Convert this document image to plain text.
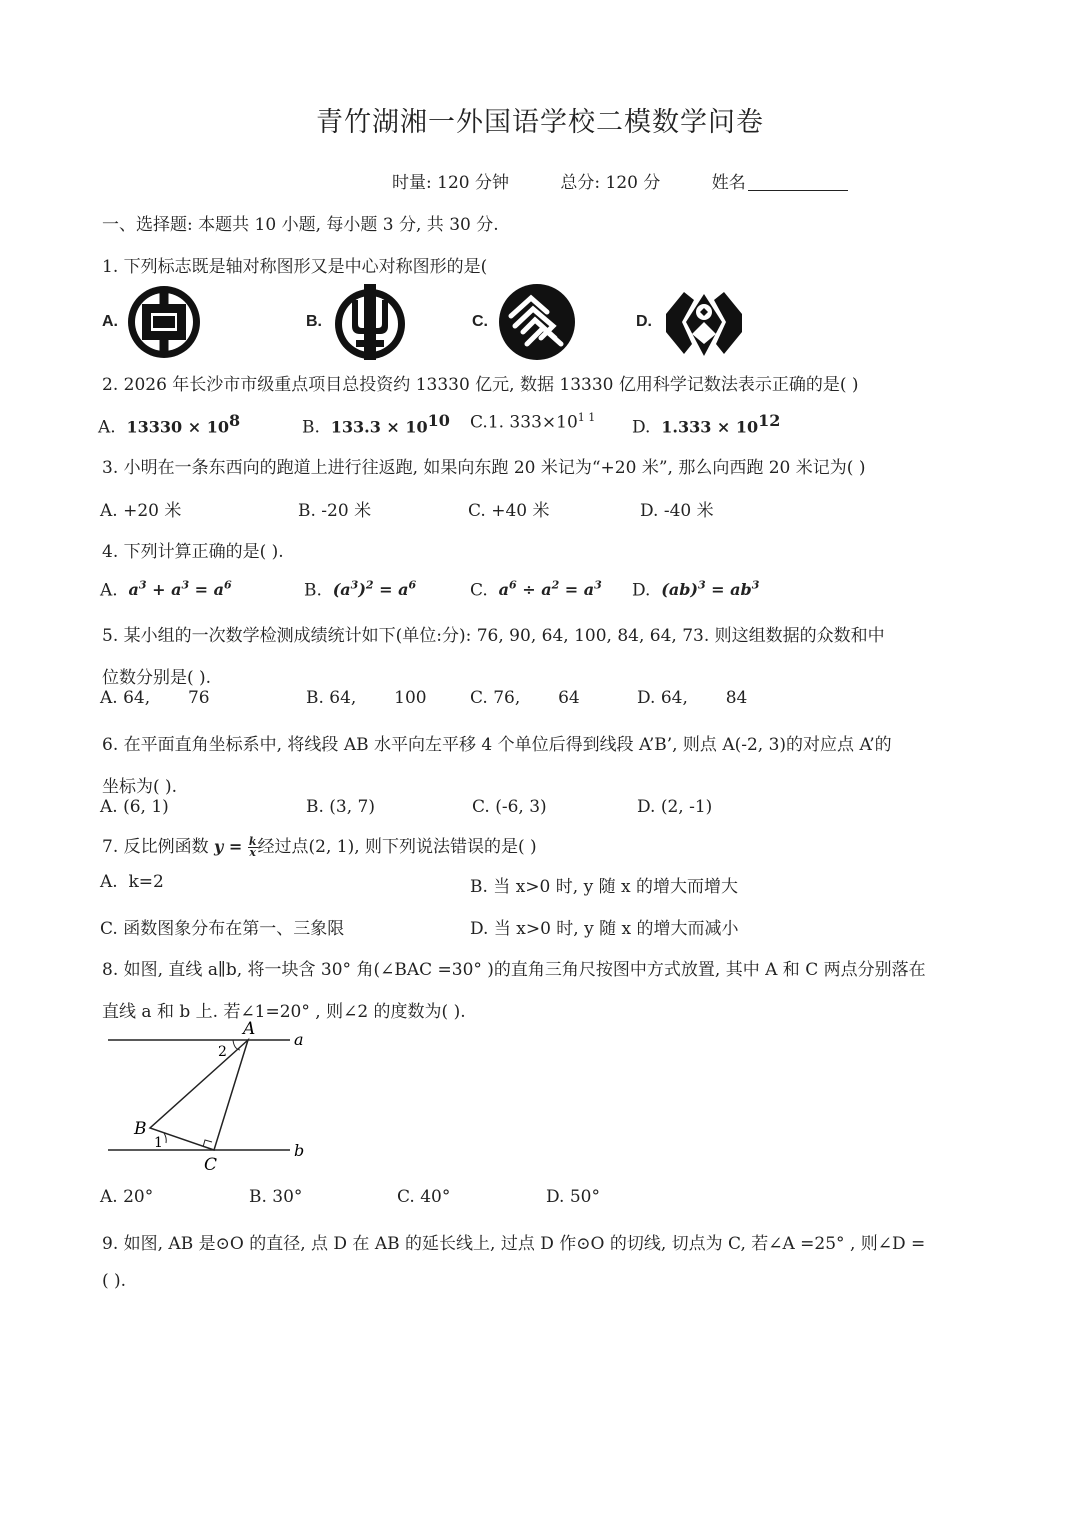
青竹湖湘一外国语学校二模数学问卷
时量: 120 分钟	总分: 120 分	姓名
一、选择题: 本题共 10 小题, 每小题 3 分, 共 30 分.
1. 下列标志既是轴对称图形又是中心对称图形的是(
A.	B.	C.	D.
2. 2026 年长沙市市级重点项目总投资约 13330 亿元, 数据 13330 亿用科学记数法表示正确的是( )
A. $13330 \times 10^8$	B. $133.3 \times 10^{10}$ C.1. $333\times 10^{1 1}$
D. $1.333 \times 10^{12}$
3. 小明在一条东西向的跑道上进行往返跑, 如果向东跑 20 米记为“+20 米”, 那么向西跑 20 米记为( )
A. +20 米	B. -20 米	C. +40 米	D. -40 米
4. 下列计算正确的是( ).
A. $a^3 + a^3 = a^6$	B. $(a^3)^2 = a^6$	C. $a^6 \div a^2 = a^3$ D. $(ab)^3 = ab^3$
5. 某小组的一次数学检测成绩统计如下(单位:分): 76, 90, 64, 100, 84, 64, 73. 则这组数据的众数和中
位数分别是( ).
A. 64,       76	B. 64,       100	C. 76,       64	D. 64,       84
6. 在平面直角坐标系中, 将线段 AB 水平向左平移 4 个单位后得到线段 A’B’, 则点 A(-2, 3)的对应点 A’的
坐标为( ).
A. (6, 1)	B. (3, 7)	C. (-6, 3)	D. (2, -1)
7. 反比例函数 $y = \frac{k}{x}$ 经过点(2, 1), 则下列说法错误的是( )
A.  k=2	B. 当 x>0 时, y 随 x 的增大而增大
C. 函数图象分布在第一、三象限	D. 当 x>0 时, y 随 x 的增大而减小
8. 如图, 直线 a∥b, 将一块含 30° 角(∠BAC =30° )的直角三角尺按图中方式放置, 其中 A 和 C 两点分别落在
直线 a 和 b 上. 若∠1=20° , 则∠2 的度数为( ).
A
B
C
a
b
1
2
A. 20°	B. 30°	C. 40°	D. 50°
9. 如图, AB 是⊙O 的直径, 点 D 在 AB 的延长线上, 过点 D 作⊙O 的切线, 切点为 C, 若∠A =25° , 则∠D =
( ).
